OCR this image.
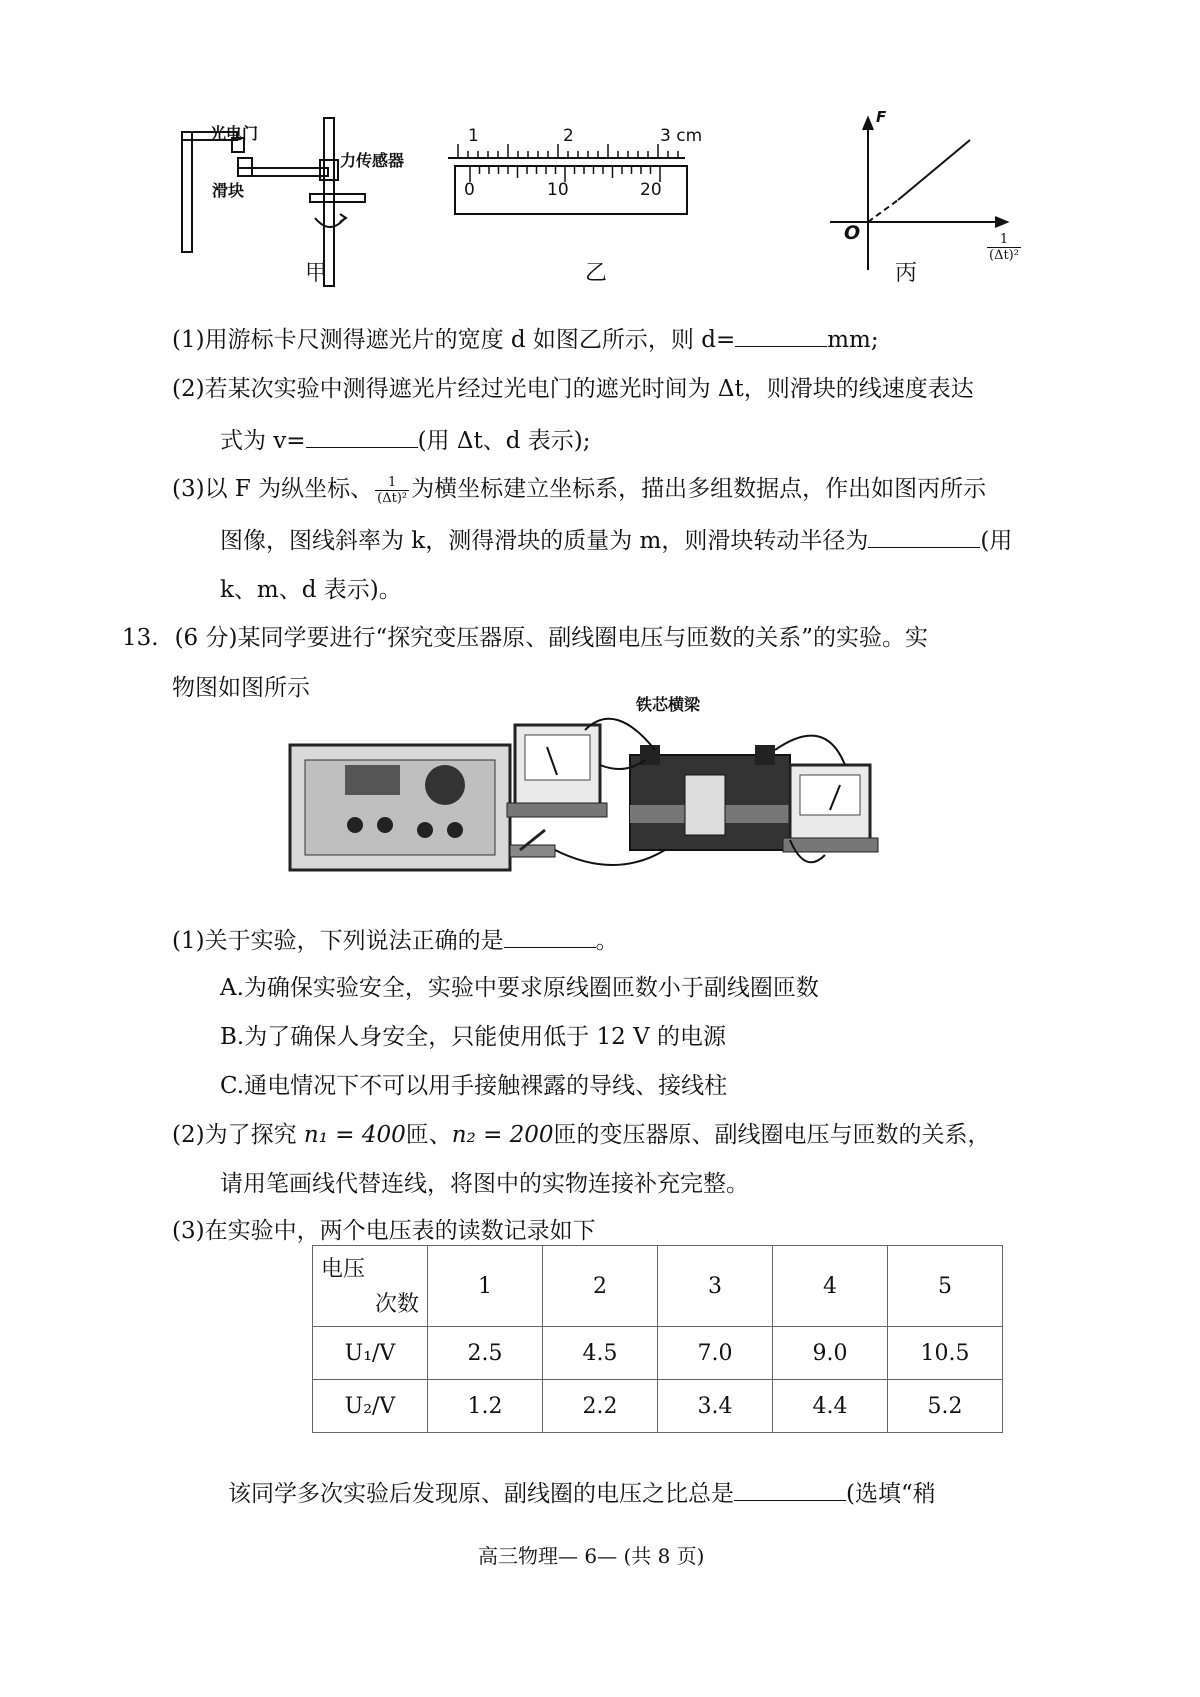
光电门
力传感器
滑块
甲
1	2	3 cm
0	10	20
乙
F
O	$\frac{1}{\text{(Δt)²}}$
丙
(1)用游标卡尺测得遮光片的宽度 d 如图乙所示，则 d=	mm;
(2)若某次实验中测得遮光片经过光电门的遮光时间为 Δt，则滑块的线速度表达
式为 v=	(用 Δt、d 表示);
(3)以 F 为纵坐标、 $\frac{1}{\text{(Δt)²}}$ 为横坐标建立坐标系，描出多组数据点，作出如图丙所示
图像，图线斜率为 k，测得滑块的质量为 m，则滑块转动半径为	(用
k、m、d 表示)。
13. (6 分)某同学要进行“探究变压器原、副线圈电压与匝数的关系”的实验。实
物图如图所示
铁芯横梁
(1)关于实验，下列说法正确的是	。
A.为确保实验安全，实验中要求原线圈匝数小于副线圈匝数
B.为了确保人身安全，只能使用低于 12 V 的电源
C.通电情况下不可以用手接触裸露的导线、接线柱
(2)为了探究 n₁ = 400匝、n₂ = 200匝的变压器原、副线圈电压与匝数的关系，
请用笔画线代替连线，将图中的实物连接补充完整。
(3)在实验中，两个电压表的读数记录如下
电压
次数	1	2	3	4	5
U₁/V	2.5	4.5	7.0	9.0	10.5
U₂/V	1.2	2.2	3.4	4.4	5.2
该同学多次实验后发现原、副线圈的电压之比总是	(选填“稍
高三物理— 6— (共 8 页)
